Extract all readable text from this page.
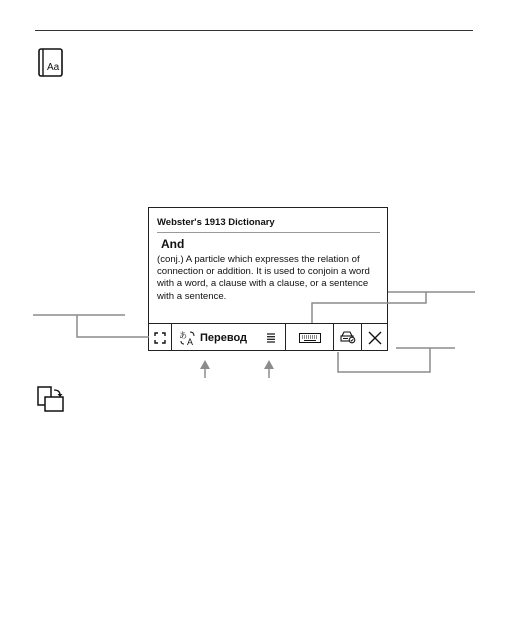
Aa
Webster's 1913 Dictionary
And
(conj.) A particle which expresses the relation of connection or addition. It is used to conjoin a word with a word, a clause with a clause, or a sentence with a sentence.
あ
A Перевод
